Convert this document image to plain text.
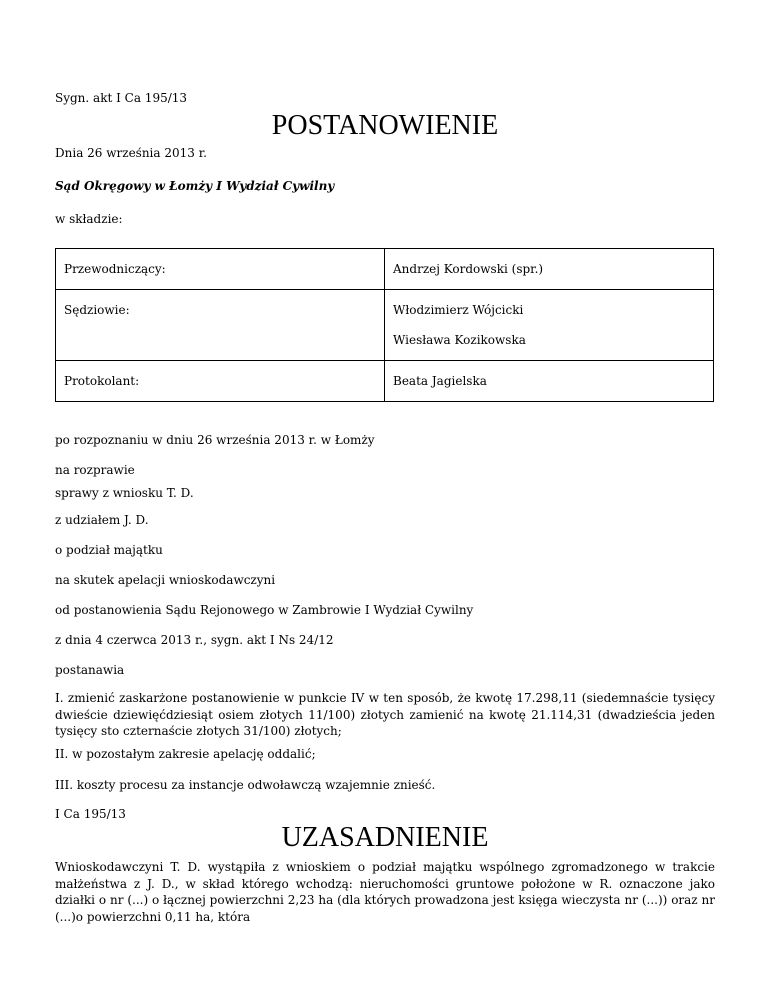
Sygn. akt I Ca 195/13
POSTANOWIENIE
Dnia 26 września 2013 r.
Sąd Okręgowy w Łomży I Wydział Cywilny
w składzie:
Przewodniczący:	Andrzej Kordowski (spr.)

Sędziowie:	Włodzimierz Wójcicki
Wiesława Kozikowska

Protokolant:	Beata Jagielska
po rozpoznaniu w dniu 26 września 2013 r. w Łomży
na rozprawie
sprawy z wniosku T. D.
z udziałem J. D.
o podział majątku
na skutek apelacji wnioskodawczyni
od postanowienia Sądu Rejonowego w Zambrowie I Wydział Cywilny
z dnia 4 czerwca 2013 r., sygn. akt I Ns 24/12
postanawia
I. zmienić zaskarżone postanowienie w punkcie IV w ten sposób, że kwotę 17.298,11 (siedemnaście tysięcy dwieście dziewięćdziesiąt osiem złotych 11/100) złotych zamienić na kwotę 21.114,31 (dwadzieścia jeden tysięcy sto czternaście złotych 31/100) złotych;
II. w pozostałym zakresie apelację oddalić;
III. koszty procesu za instancje odwoławczą wzajemnie znieść.
I Ca 195/13
UZASADNIENIE
Wnioskodawczyni T. D. wystąpiła z wnioskiem o podział majątku wspólnego zgromadzonego w trakcie małżeństwa z J. D., w skład którego wchodzą: nieruchomości gruntowe położone w R. oznaczone jako działki o nr (...) o łącznej powierzchni 2,23 ha (dla których prowadzona jest księga wieczysta nr (...)) oraz nr (...)o powierzchni 0,11 ha, która
